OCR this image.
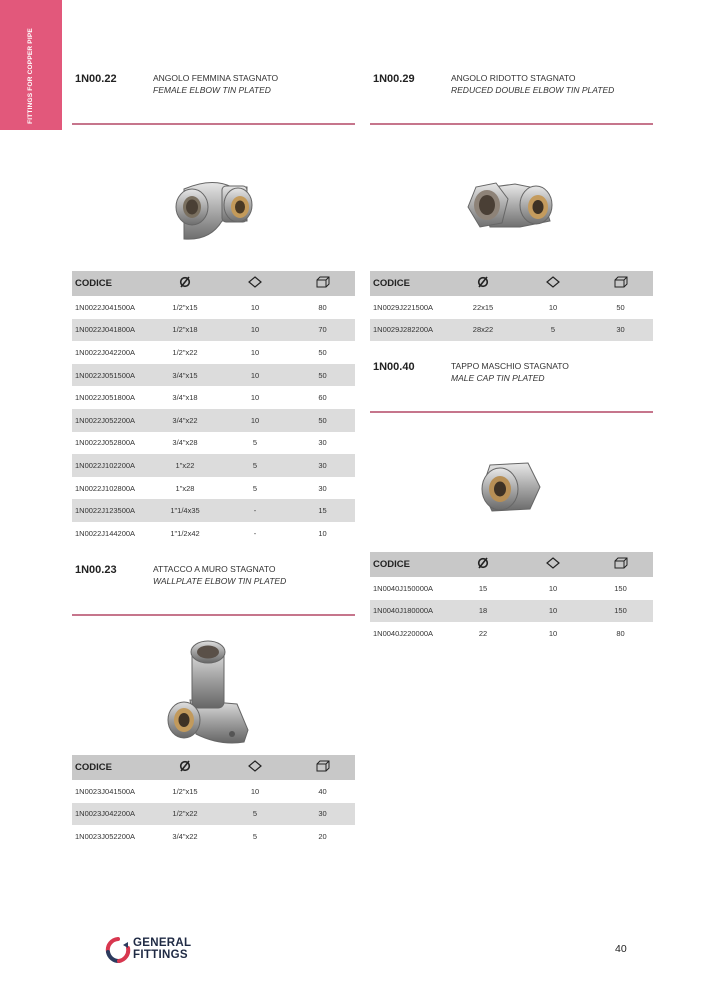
FITTINGS FOR COPPER PIPE	1N00.22	ANGOLO FEMMINA STAGNATO
FEMALE ELBOW TIN PLATED
CODICE			
1N0022J041500A	1/2"x15	10	80
1N0022J041800A	1/2"x18	10	70
1N0022J042200A	1/2"x22	10	50
1N0022J051500A	3/4"x15	10	50
1N0022J051800A	3/4"x18	10	60
1N0022J052200A	3/4"x22	10	50
1N0022J052800A	3/4"x28	5	30
1N0022J102200A	1"x22	5	30
1N0022J102800A	1"x28	5	30
1N0022J123500A	1"1/4x35	-	15
1N0022J144200A	1"1/2x42	-	10
1N00.23	ATTACCO A MURO STAGNATO
WALLPLATE ELBOW TIN PLATED
CODICE			
1N0023J041500A	1/2"x15	10	40
1N0023J042200A	1/2"x22	5	30
1N0023J052200A	3/4"x22	5	20
1N00.29	ANGOLO RIDOTTO STAGNATO
REDUCED DOUBLE ELBOW TIN PLATED
CODICE			
1N0029J221500A	22x15	10	50
1N0029J282200A	28x22	5	30
1N00.40	TAPPO MASCHIO STAGNATO
MALE CAP TIN PLATED
CODICE			
1N0040J150000A	15	10	150
1N0040J180000A	18	10	150
1N0040J220000A	22	10	80
GENERAL
FITTINGS	40
